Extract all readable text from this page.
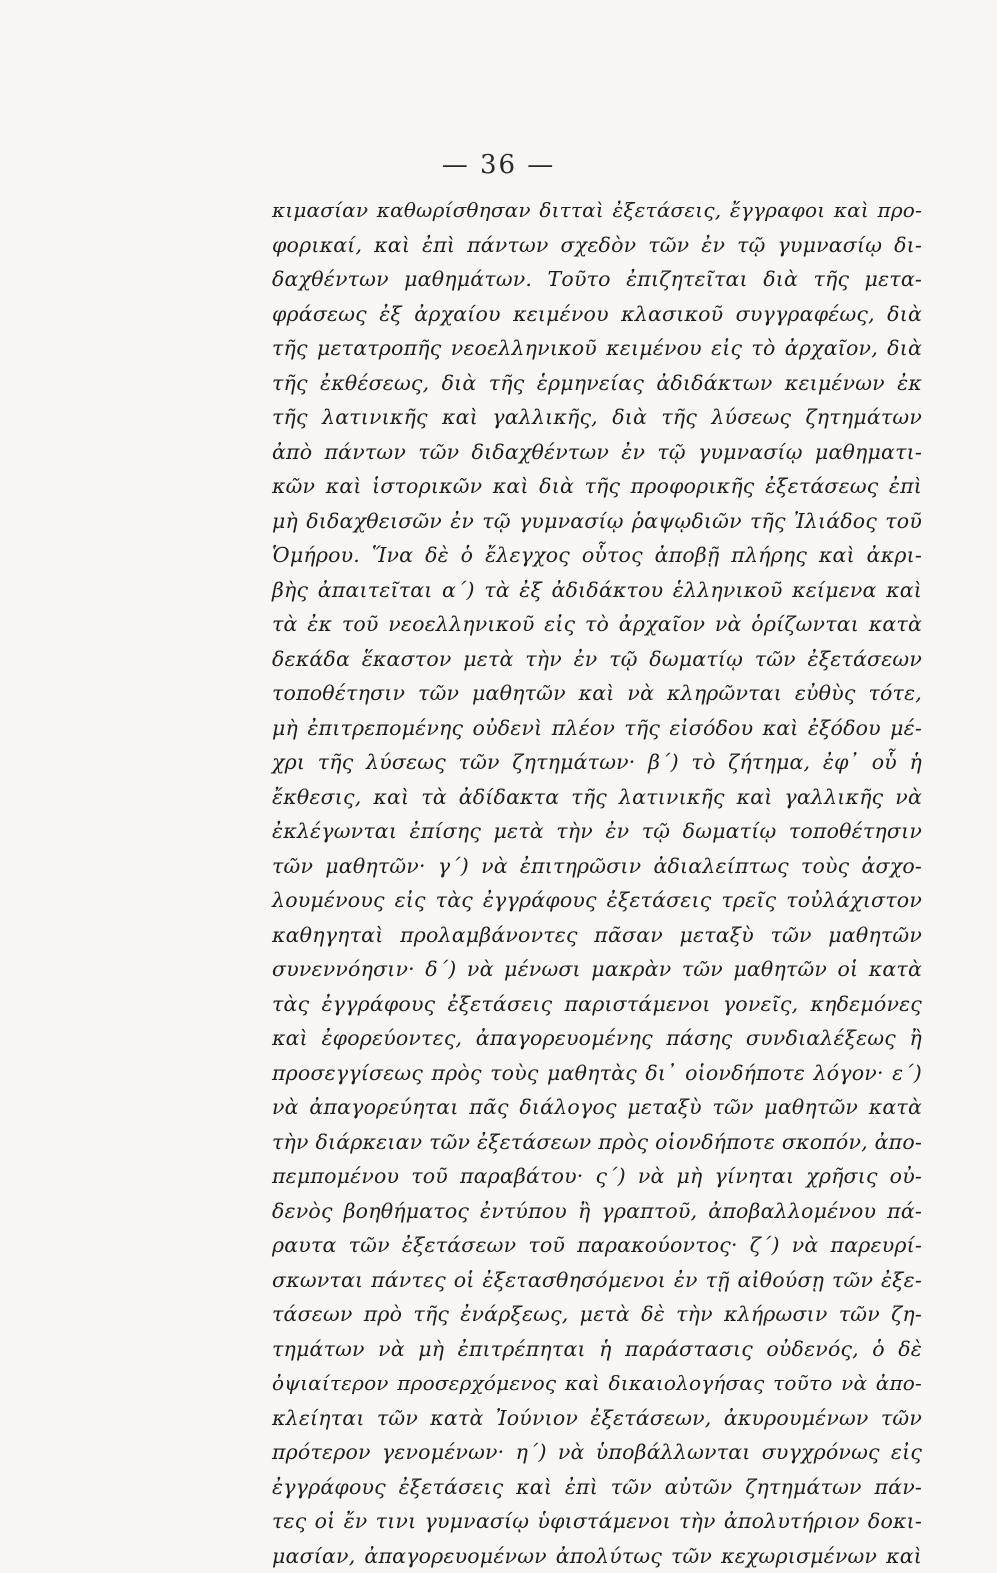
— 36 —
κιμασίαν καθωρίσθησαν διτταὶ ἐξετάσεις, ἔγγραφοι καὶ προ-
φορικαί, καὶ ἐπὶ πάντων σχεδὸν τῶν ἐν τῷ γυμνασίῳ δι-
δαχθέντων μαθημάτων. Τοῦτο ἐπιζητεῖται διὰ τῆς μετα-
φράσεως ἐξ ἀρχαίου κειμένου κλασικοῦ συγγραφέως, διὰ
τῆς μετατροπῆς νεοελληνικοῦ κειμένου εἰς τὸ ἀρχαῖον, διὰ
τῆς ἐκθέσεως, διὰ τῆς ἑρμηνείας ἀδιδάκτων κειμένων ἐκ
τῆς λατινικῆς καὶ γαλλικῆς, διὰ τῆς λύσεως ζητημάτων
ἀπὸ πάντων τῶν διδαχθέντων ἐν τῷ γυμνασίῳ μαθηματι-
κῶν καὶ ἱστορικῶν καὶ διὰ τῆς προφορικῆς ἐξετάσεως ἐπὶ
μὴ διδαχθεισῶν ἐν τῷ γυμνασίῳ ῥαψῳδιῶν τῆς Ἰλιάδος τοῦ
Ὁμήρου. Ἵνα δὲ ὁ ἔλεγχος οὗτος ἀποβῇ πλήρης καὶ ἀκρι-
βὴς ἀπαιτεῖται α΄) τὰ ἐξ ἀδιδάκτου ἑλληνικοῦ κείμενα καὶ
τὰ ἐκ τοῦ νεοελληνικοῦ εἰς τὸ ἀρχαῖον νὰ ὁρίζωνται κατὰ
δεκάδα ἕκαστον μετὰ τὴν ἐν τῷ δωματίῳ τῶν ἐξετάσεων
τοποθέτησιν τῶν μαθητῶν καὶ νὰ κληρῶνται εὐθὺς τότε,
μὴ ἐπιτρεπομένης οὐδενὶ πλέον τῆς εἰσόδου καὶ ἐξόδου μέ-
χρι τῆς λύσεως τῶν ζητημάτων· β΄) τὸ ζήτημα, ἐφ᾽ οὗ ἡ
ἔκθεσις, καὶ τὰ ἀδίδακτα τῆς λατινικῆς καὶ γαλλικῆς νὰ
ἐκλέγωνται ἐπίσης μετὰ τὴν ἐν τῷ δωματίῳ τοποθέτησιν
τῶν μαθητῶν· γ΄) νὰ ἐπιτηρῶσιν ἀδιαλείπτως τοὺς ἀσχο-
λουμένους εἰς τὰς ἐγγράφους ἐξετάσεις τρεῖς τοὐλάχιστον
καθηγηταὶ προλαμβάνοντες πᾶσαν μεταξὺ τῶν μαθητῶν
συνεννόησιν· δ΄) νὰ μένωσι μακρὰν τῶν μαθητῶν οἱ κατὰ
τὰς ἐγγράφους ἐξετάσεις παριστάμενοι γονεῖς, κηδεμόνες
καὶ ἐφορεύοντες, ἀπαγορευομένης πάσης συνδιαλέξεως ἢ
προσεγγίσεως πρὸς τοὺς μαθητὰς δι᾽ οἱονδήποτε λόγον· ε΄)
νὰ ἀπαγορεύηται πᾶς διάλογος μεταξὺ τῶν μαθητῶν κατὰ
τὴν διάρκειαν τῶν ἐξετάσεων πρὸς οἱονδήποτε σκοπόν, ἀπο-
πεμπομένου τοῦ παραβάτου· ς΄) νὰ μὴ γίνηται χρῆσις οὐ-
δενὸς βοηθήματος ἐντύπου ἢ γραπτοῦ, ἀποβαλλομένου πά-
ραυτα τῶν ἐξετάσεων τοῦ παρακούοντος· ζ΄) νὰ παρευρί-
σκωνται πάντες οἱ ἐξετασθησόμενοι ἐν τῇ αἰθούσῃ τῶν ἐξε-
τάσεων πρὸ τῆς ἐνάρξεως, μετὰ δὲ τὴν κλήρωσιν τῶν ζη-
τημάτων νὰ μὴ ἐπιτρέπηται ἡ παράστασις οὐδενός, ὁ δὲ
ὀψιαίτερον προσερχόμενος καὶ δικαιολογήσας τοῦτο νὰ ἀπο-
κλείηται τῶν κατὰ Ἰούνιον ἐξετάσεων, ἀκυρουμένων τῶν
πρότερον γενομένων· η΄) νὰ ὑποβάλλωνται συγχρόνως εἰς
ἐγγράφους ἐξετάσεις καὶ ἐπὶ τῶν αὐτῶν ζητημάτων πάν-
τες οἱ ἔν τινι γυμνασίῳ ὑφιστάμενοι τὴν ἀπολυτήριον δοκι-
μασίαν, ἀπαγορευομένων ἀπολύτως τῶν κεχωρισμένων καὶ
